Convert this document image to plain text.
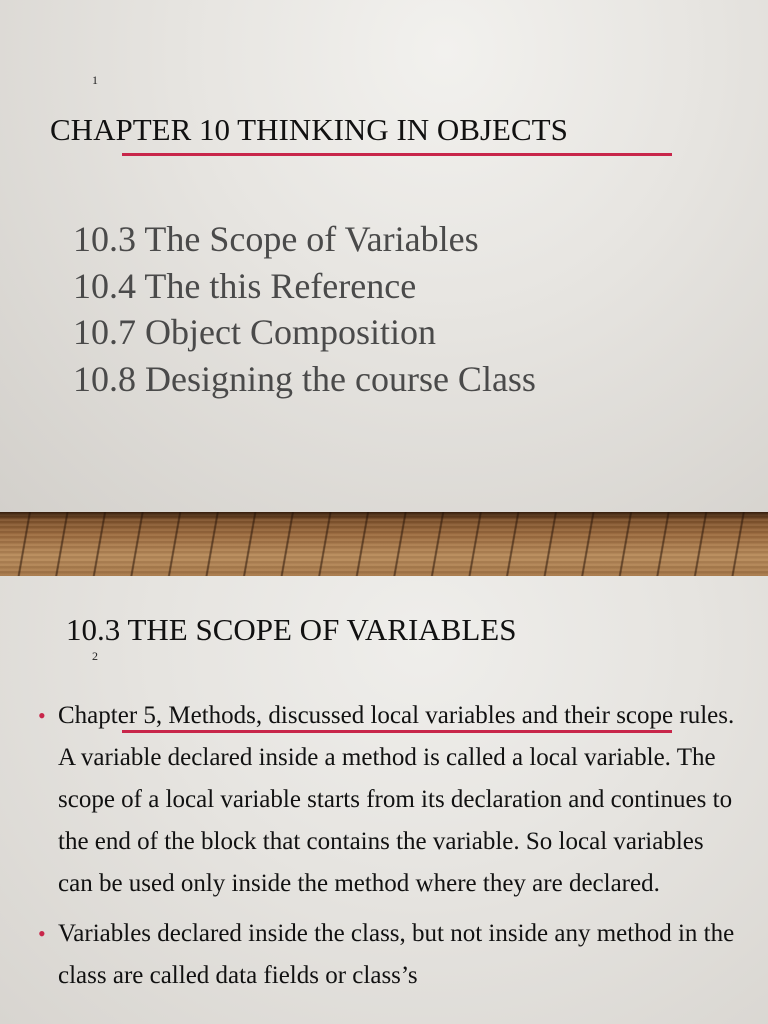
1
CHAPTER 10 THINKING IN OBJECTS
10.3 The Scope of Variables
10.4 The this Reference
10.7 Object Composition
10.8 Designing the course Class
10.3 THE SCOPE OF VARIABLES
2
• Chapter 5, Methods, discussed local variables and their scope rules. A variable declared inside a method is called a local variable. The scope of a local variable starts from its declaration and continues to the end of the block that contains the variable. So local variables can be used only inside the method where they are declared.
• Variables declared inside the class, but not inside any method in the class are called data fields or class’s
